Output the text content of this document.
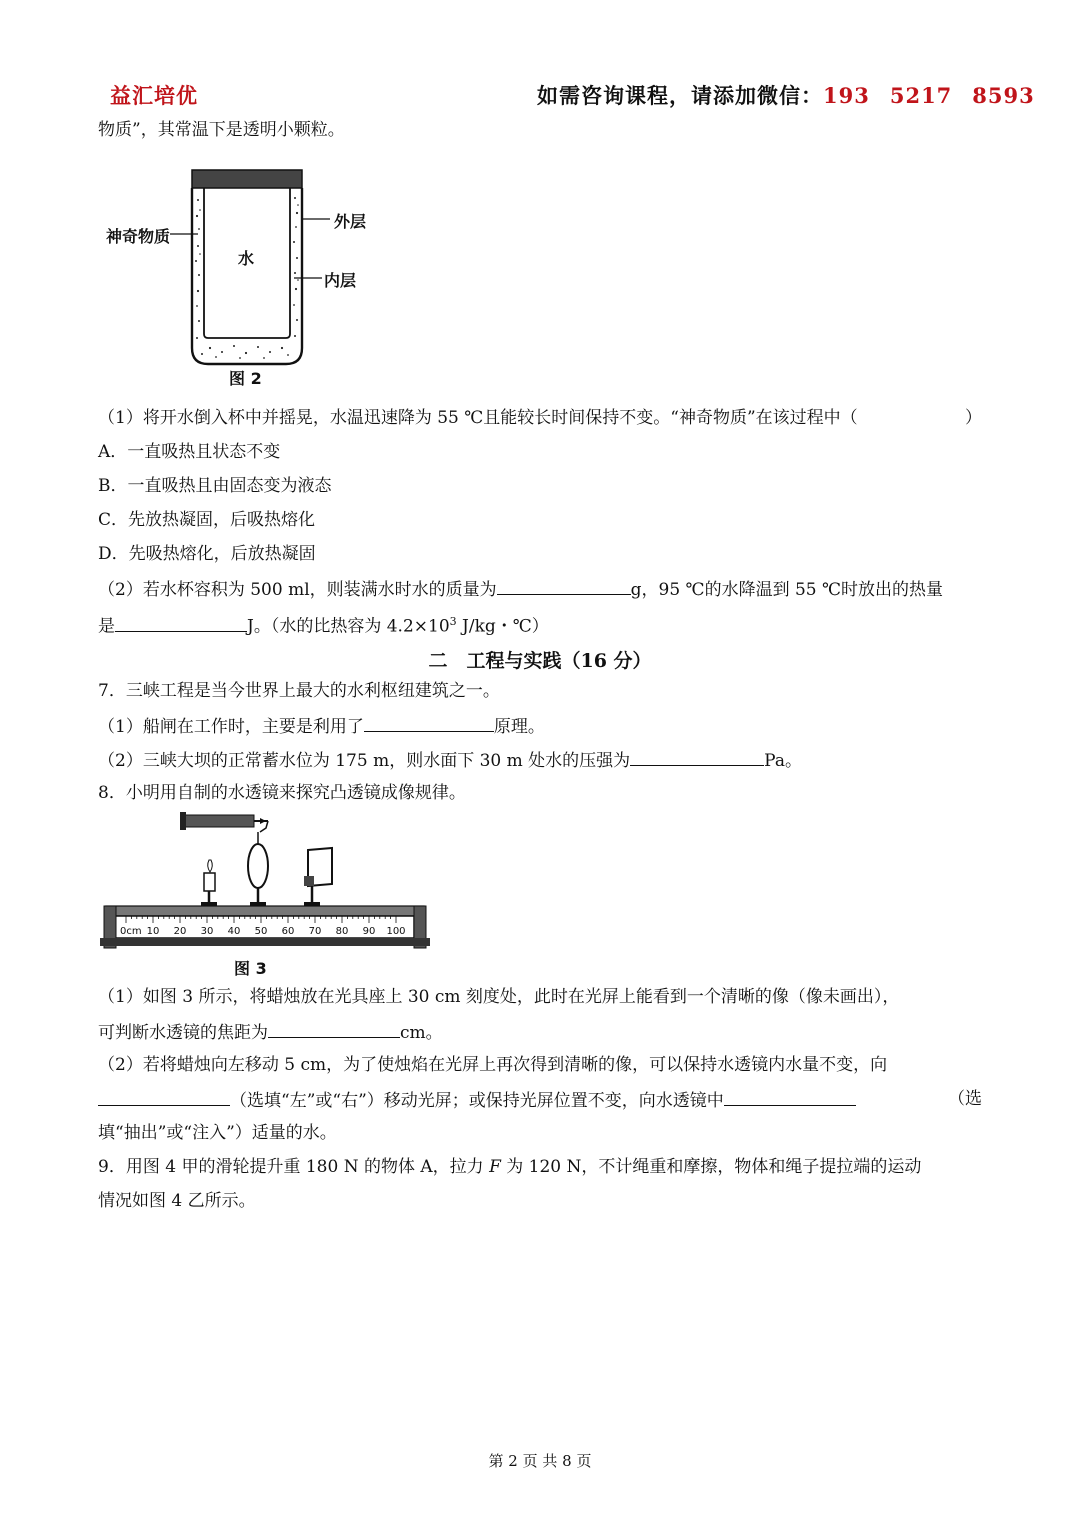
益汇培优	如需咨询课程，请添加微信：193 5217 8593
物质”，其常温下是透明小颗粒。
神奇物质
水
外层
内层
图 2
（1）将开水倒入杯中并摇晃，水温迅速降为 55 ℃且能较长时间保持不变。“神奇物质”在该过程中（	）
A．一直吸热且状态不变
B．一直吸热且由固态变为液态
C．先放热凝固，后吸热熔化
D．先吸热熔化，后放热凝固
（2）若水杯容积为 500 ml，则装满水时水的质量为	g，95 ℃的水降温到 55 ℃时放出的热量
是	J。（水的比热容为 $4.2\times 10^3$ J/kg・℃）
二　工程与实践（16 分）
7．三峡工程是当今世界上最大的水利枢纽建筑之一。
（1）船闸在工作时，主要是利用了	原理。
（2）三峡大坝的正常蓄水位为 175 m，则水面下 30 m 处水的压强为	Pa。
8．小明用自制的水透镜来探究凸透镜成像规律。
0cm 10 20 30 40 50 60 70 80 90 100
图 3
（1）如图 3 所示，将蜡烛放在光具座上 30 cm 刻度处，此时在光屏上能看到一个清晰的像（像未画出），
可判断水透镜的焦距为	cm。
（2）若将蜡烛向左移动 5 cm，为了使烛焰在光屏上再次得到清晰的像，可以保持水透镜内水量不变，向
（选填“左”或“右”）移动光屏；或保持光屏位置不变，向水透镜中	（选
填“抽出”或“注入”）适量的水。
9．用图 4 甲的滑轮提升重 180 N 的物体 A，拉力 F 为 120 N，不计绳重和摩擦，物体和绳子提拉端的运动
情况如图 4 乙所示。
第 2 页 共 8 页
